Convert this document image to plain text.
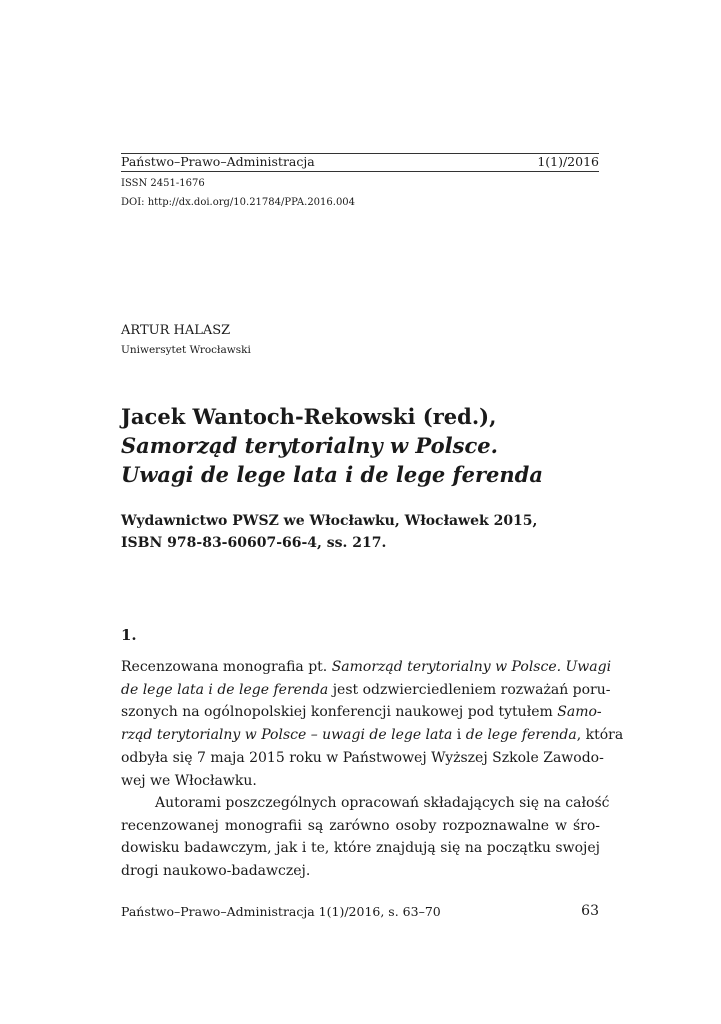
Państwo–Prawo–Administracja	1(1)/2016
ISSN 2451-1676
DOI: http://dx.doi.org/10.21784/PPA.2016.004
ARTUR HALASZ
Uniwersytet Wrocławski
Jacek Wantoch-Rekowski (red.),
Samorząd terytorialny w Polsce.
Uwagi de lege lata i de lege ferenda
Wydawnictwo PWSZ we Włocławku, Włocławek 2015,
ISBN 978-83-60607-66-4, ss. 217.
1.
Recenzowana monografia pt. Samorząd terytorialny w Polsce. Uwagi
de lege lata i de lege ferenda jest odzwierciedleniem rozważań poru-
szonych na ogólnopolskiej konferencji naukowej pod tytułem Samo-
rząd terytorialny w Polsce – uwagi de lege lata i de lege ferenda, która
odbyła się 7 maja 2015 roku w Państwowej Wyższej Szkole Zawodo-
wej we Włocławku.
Autorami poszczególnych opracowań składających się na całość
recenzowanej monografii są zarówno osoby rozpoznawalne w śro-
dowisku badawczym, jak i te, które znajdują się na początku swojej
drogi naukowo-badawczej.
Państwo–Prawo–Administracja 1(1)/2016, s. 63–70	63
